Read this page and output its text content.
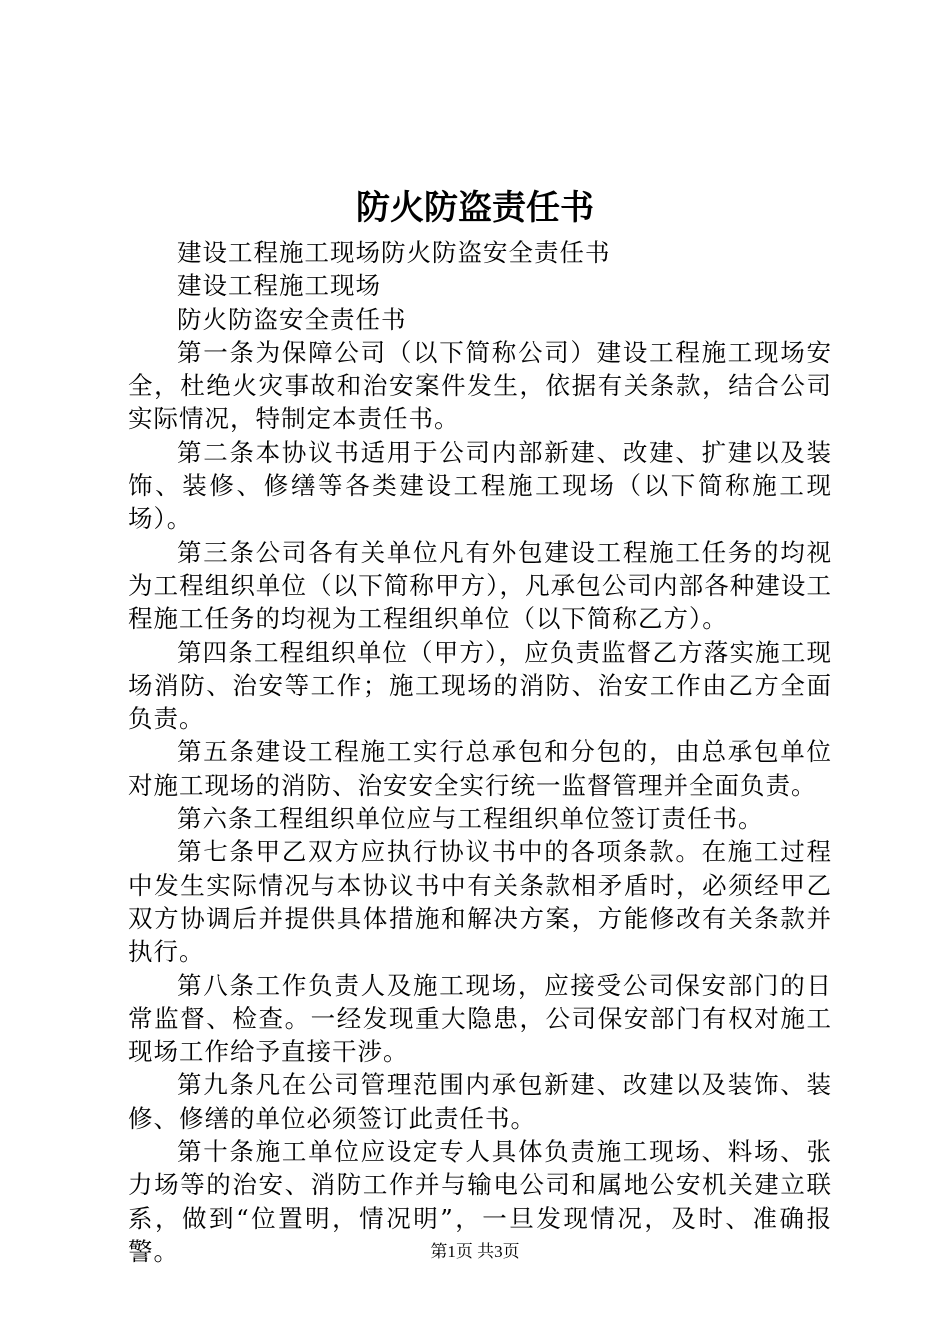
防火防盗责任书

建设工程施工现场防火防盗安全责任书

建设工程施工现场

防火防盗安全责任书

第一条为保障公司（以下简称公司）建设工程施工现场安全，杜绝火灾事故和治安案件发生，依据有关条款，结合公司实际情况，特制定本责任书。

第二条本协议书适用于公司内部新建、改建、扩建以及装饰、装修、修缮等各类建设工程施工现场（以下简称施工现场）。

第三条公司各有关单位凡有外包建设工程施工任务的均视为工程组织单位（以下简称甲方），凡承包公司内部各种建设工程施工任务的均视为工程组织单位（以下简称乙方）。

第四条工程组织单位（甲方），应负责监督乙方落实施工现场消防、治安等工作；施工现场的消防、治安工作由乙方全面负责。

第五条建设工程施工实行总承包和分包的，由总承包单位对施工现场的消防、治安安全实行统一监督管理并全面负责。

第六条工程组织单位应与工程组织单位签订责任书。

第七条甲乙双方应执行协议书中的各项条款。在施工过程中发生实际情况与本协议书中有关条款相矛盾时，必须经甲乙双方协调后并提供具体措施和解决方案，方能修改有关条款并执行。

第八条工作负责人及施工现场，应接受公司保安部门的日常监督、检查。一经发现重大隐患，公司保安部门有权对施工现场工作给予直接干涉。

第九条凡在公司管理范围内承包新建、改建以及装饰、装修、修缮的单位必须签订此责任书。

第十条施工单位应设定专人具体负责施工现场、料场、张力场等的治安、消防工作并与输电公司和属地公安机关建立联系，做到“位置明，情况明”，一旦发现情况，及时、准确报警。	第1页 共3页
